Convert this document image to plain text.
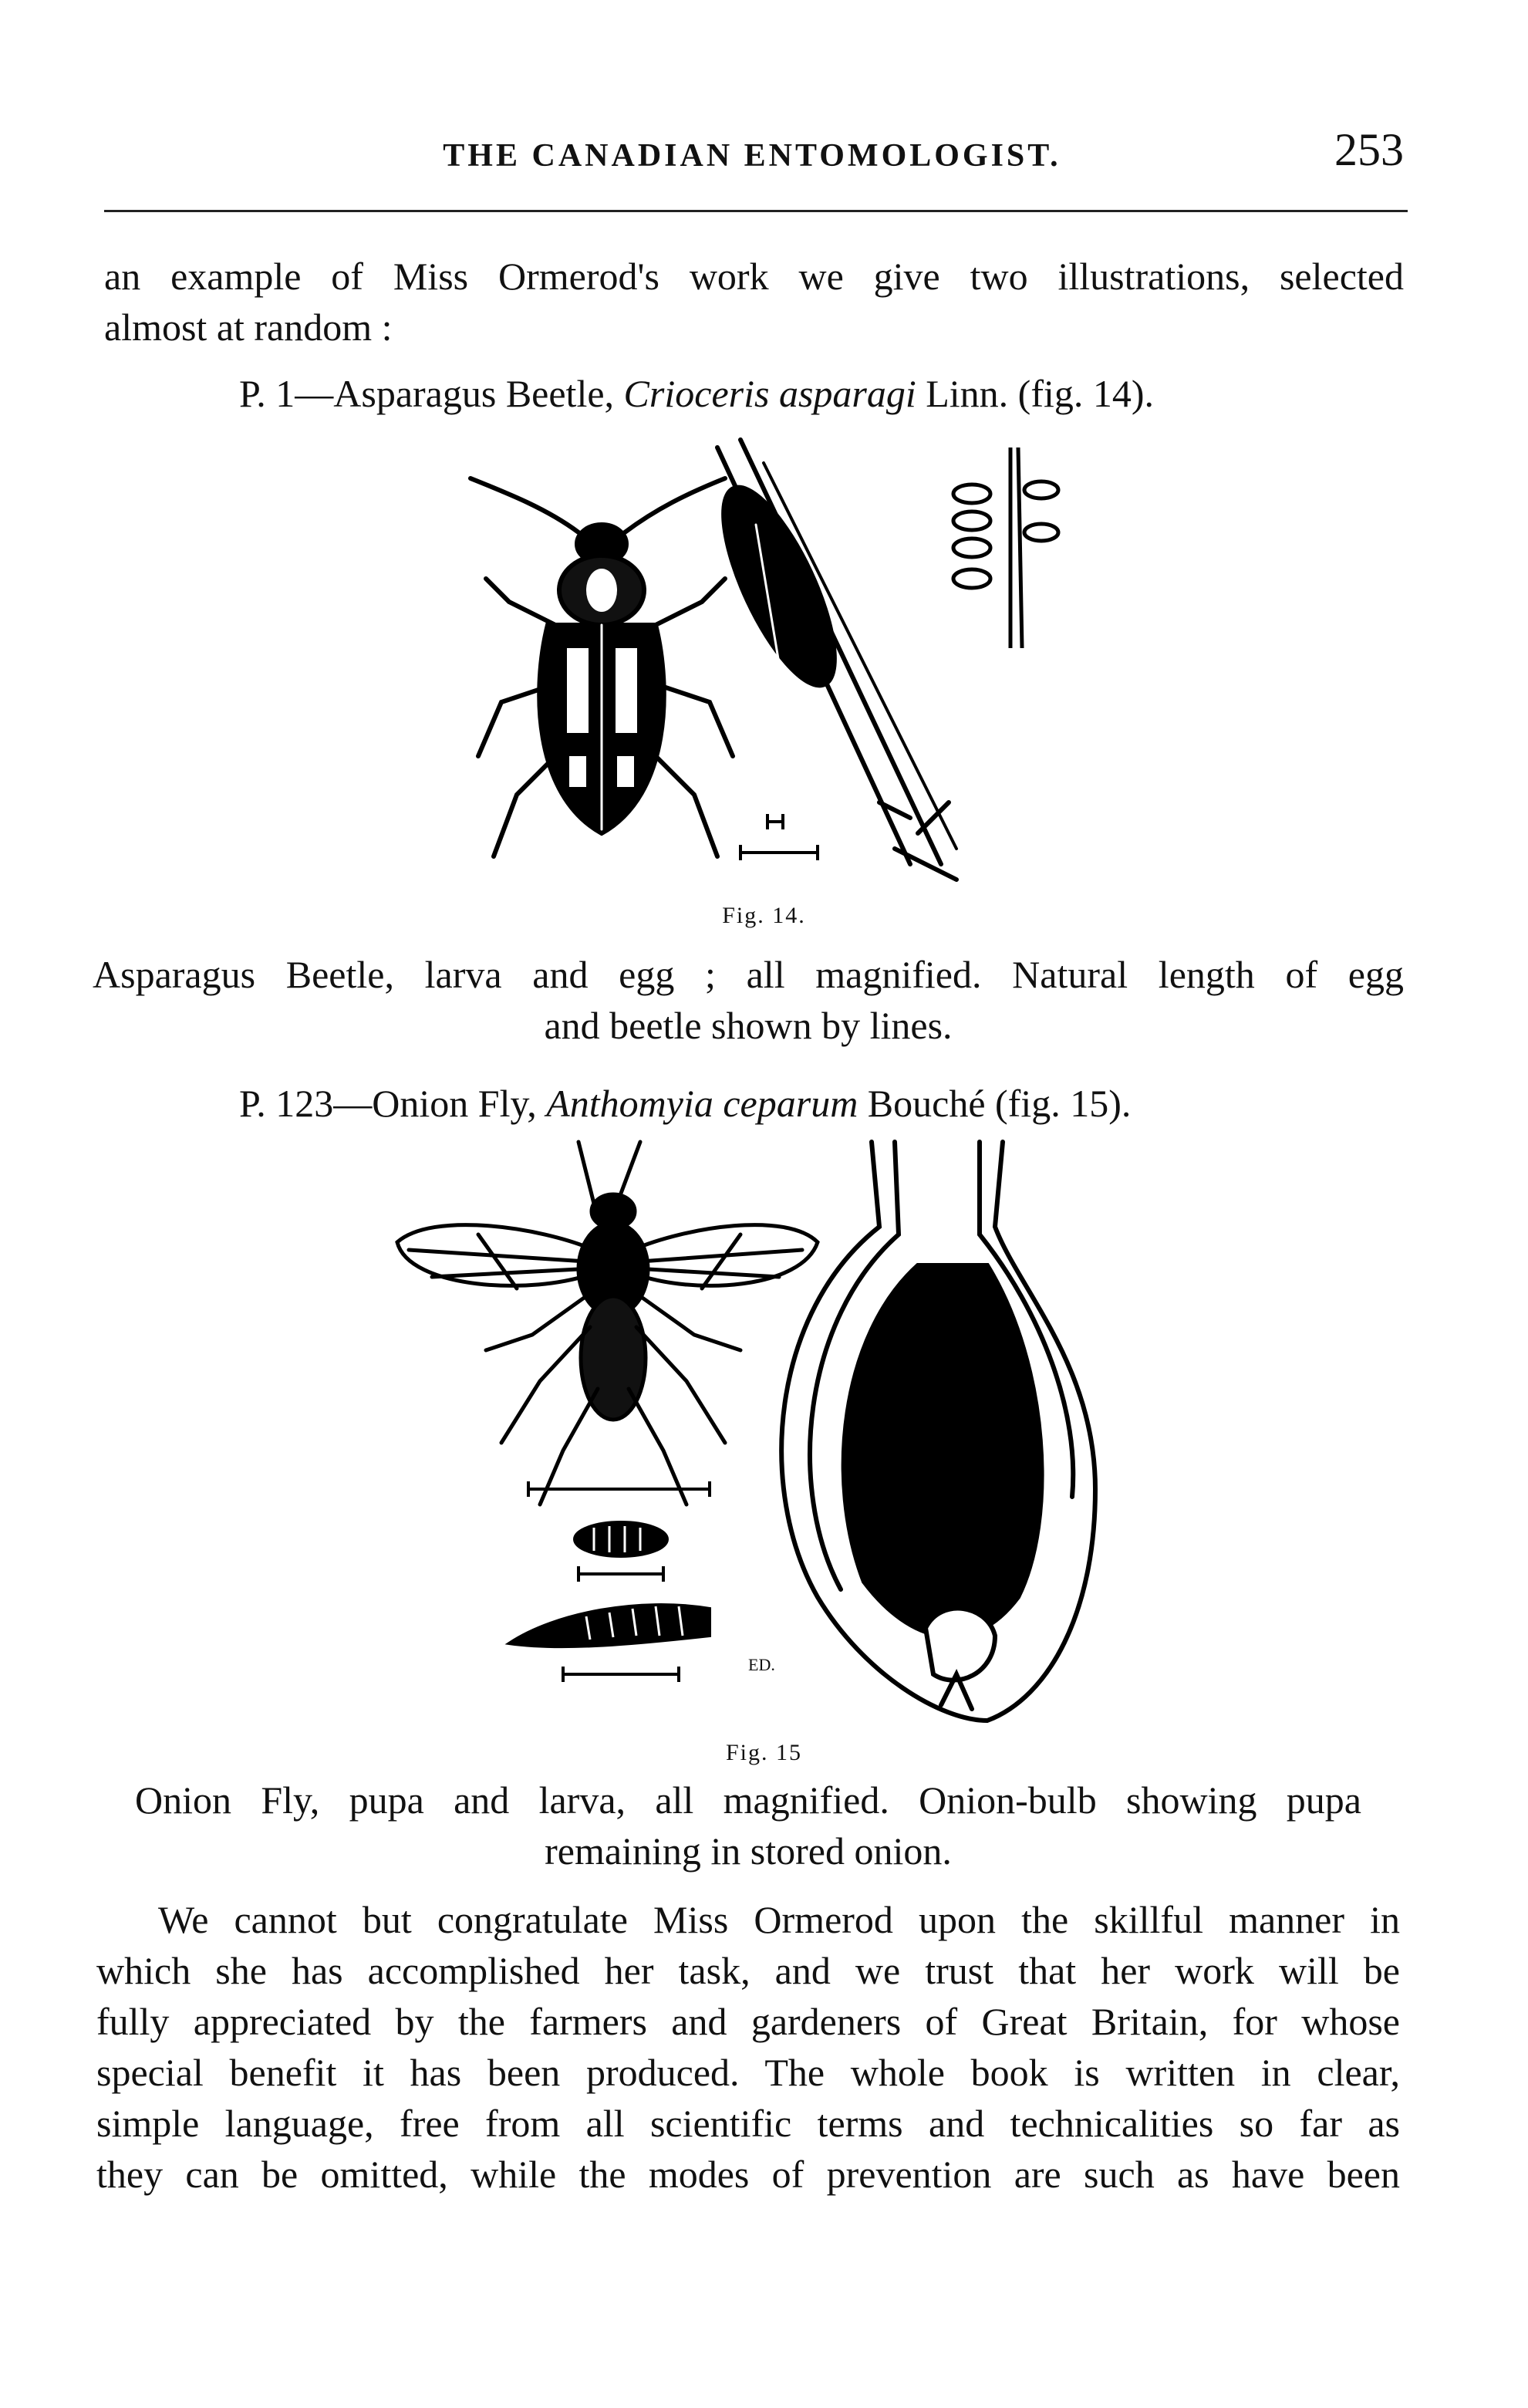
THE CANADIAN ENTOMOLOGIST.	253
an example of Miss Ormerod's work we give two illustrations, selected
almost at random :
P. 1—Asparagus Beetle, Crioceris asparagi Linn. (fig. 14).
Fig. 14.
Asparagus Beetle, larva and egg ; all magnified. Natural length of egg
and beetle shown by lines.
P. 123—Onion Fly, Anthomyia ceparum Bouché (fig. 15).
ED.
Fig. 15
Onion Fly, pupa and larva, all magnified. Onion-bulb showing pupa
remaining in stored onion.
We cannot but congratulate Miss Ormerod upon the skillful manner in
which she has accomplished her task, and we trust that her work will be
fully appreciated by the farmers and gardeners of Great Britain, for whose
special benefit it has been produced. The whole book is written in clear,
simple language, free from all scientific terms and technicalities so far as
they can be omitted, while the modes of prevention are such as have been
